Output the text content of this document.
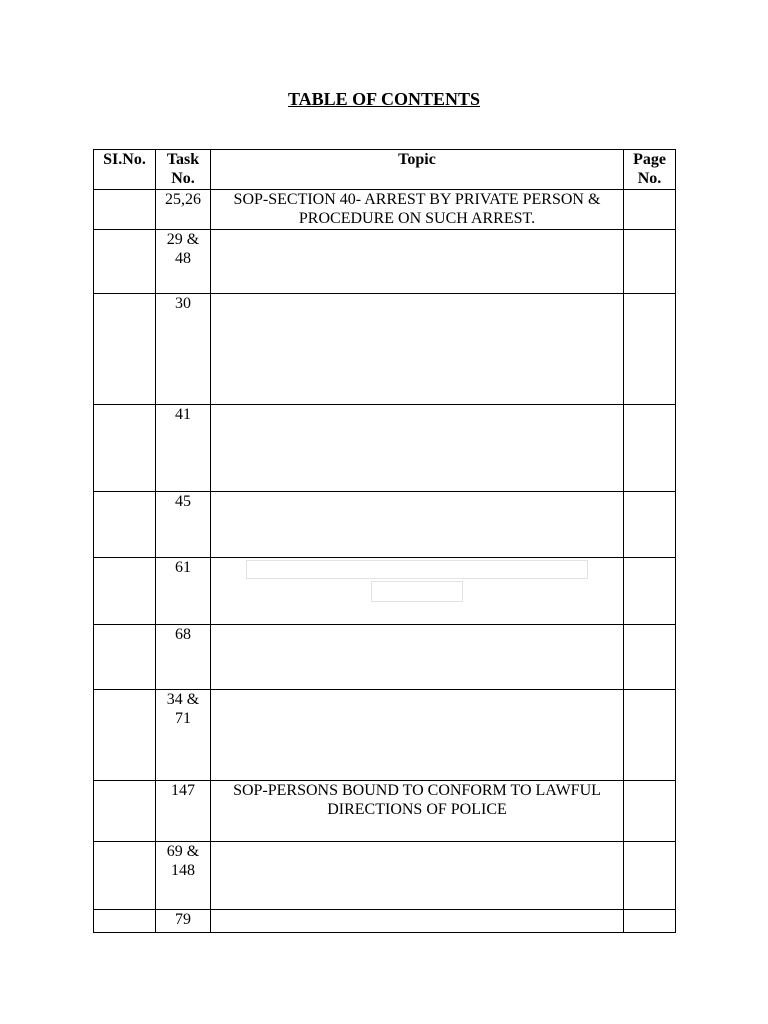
TABLE OF CONTENTS
SI.No.	Task No.	Topic	Page No.
	25,26	SOP-SECTION 40- ARREST BY PRIVATE PERSON & PROCEDURE ON SUCH ARREST.	
	29 & 48		
	30		
	41		
	45		
	61	

	68		
	34 & 71		
	147	SOP-PERSONS BOUND TO CONFORM TO LAWFUL DIRECTIONS OF POLICE	
	69 & 148		
	79		
